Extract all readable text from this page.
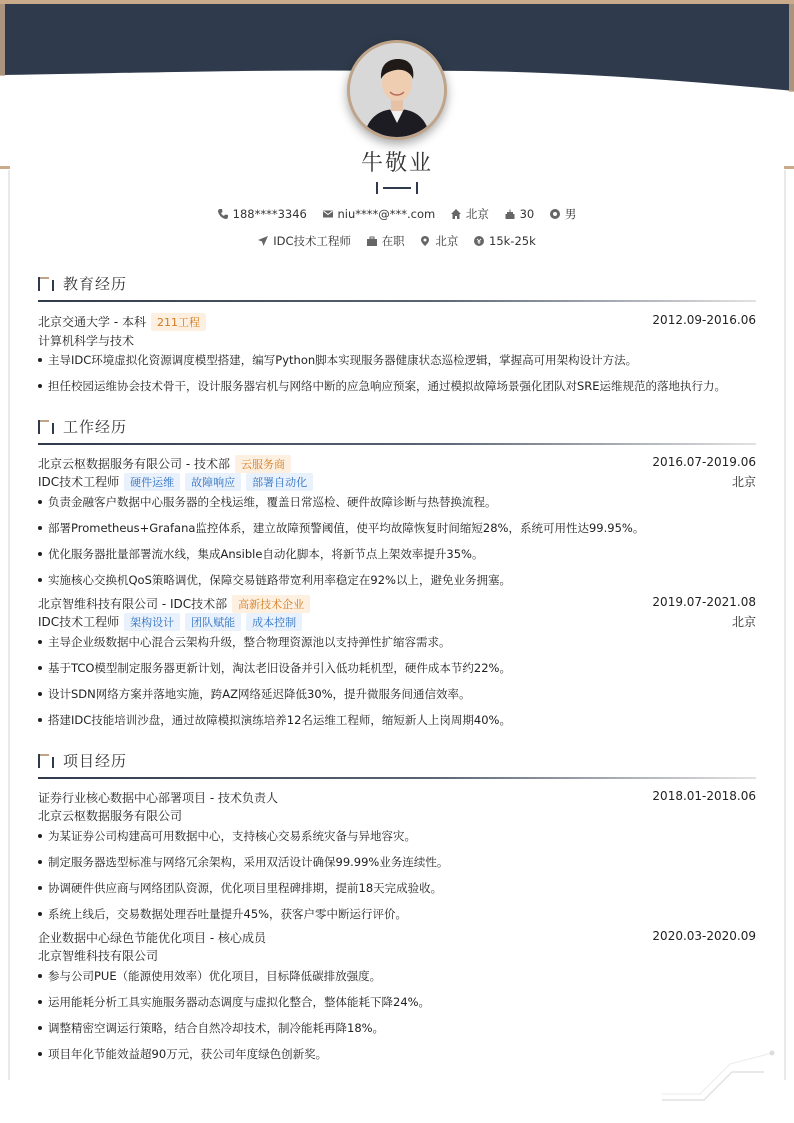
牛敬业
188****3346	niu****@***.com	北京	30	男
IDC技术工程师	在职	北京	15k-25k
教育经历
北京交通大学 - 本科 211工程	2012.09-2016.06
计算机科学与技术
主导IDC环境虚拟化资源调度模型搭建，编写Python脚本实现服务器健康状态巡检逻辑，掌握高可用架构设计方法。
担任校园运维协会技术骨干，设计服务器宕机与网络中断的应急响应预案，通过模拟故障场景强化团队对SRE运维规范的落地执行力。
工作经历
北京云枢数据服务有限公司 - 技术部 云服务商	2016.07-2019.06
IDC技术工程师 硬件运维 故障响应 部署自动化	北京
负责金融客户数据中心服务器的全栈运维，覆盖日常巡检、硬件故障诊断与热替换流程。
部署Prometheus+Grafana监控体系，建立故障预警阈值，使平均故障恢复时间缩短28%，系统可用性达99.95%。
优化服务器批量部署流水线，集成Ansible自动化脚本，将新节点上架效率提升35%。
实施核心交换机QoS策略调优，保障交易链路带宽利用率稳定在92%以上，避免业务拥塞。
北京智维科技有限公司 - IDC技术部 高新技术企业	2019.07-2021.08
IDC技术工程师 架构设计 团队赋能 成本控制	北京
主导企业级数据中心混合云架构升级，整合物理资源池以支持弹性扩缩容需求。
基于TCO模型制定服务器更新计划，淘汰老旧设备并引入低功耗机型，硬件成本节约22%。
设计SDN网络方案并落地实施，跨AZ网络延迟降低30%，提升微服务间通信效率。
搭建IDC技能培训沙盘，通过故障模拟演练培养12名运维工程师，缩短新人上岗周期40%。
项目经历
证券行业核心数据中心部署项目 - 技术负责人	2018.01-2018.06
北京云枢数据服务有限公司
为某证券公司构建高可用数据中心，支持核心交易系统灾备与异地容灾。
制定服务器选型标准与网络冗余架构，采用双活设计确保99.99%业务连续性。
协调硬件供应商与网络团队资源，优化项目里程碑排期，提前18天完成验收。
系统上线后，交易数据处理吞吐量提升45%，获客户零中断运行评价。
企业数据中心绿色节能优化项目 - 核心成员	2020.03-2020.09
北京智维科技有限公司
参与公司PUE（能源使用效率）优化项目，目标降低碳排放强度。
运用能耗分析工具实施服务器动态调度与虚拟化整合，整体能耗下降24%。
调整精密空调运行策略，结合自然冷却技术，制冷能耗再降18%。
项目年化节能效益超90万元，获公司年度绿色创新奖。
